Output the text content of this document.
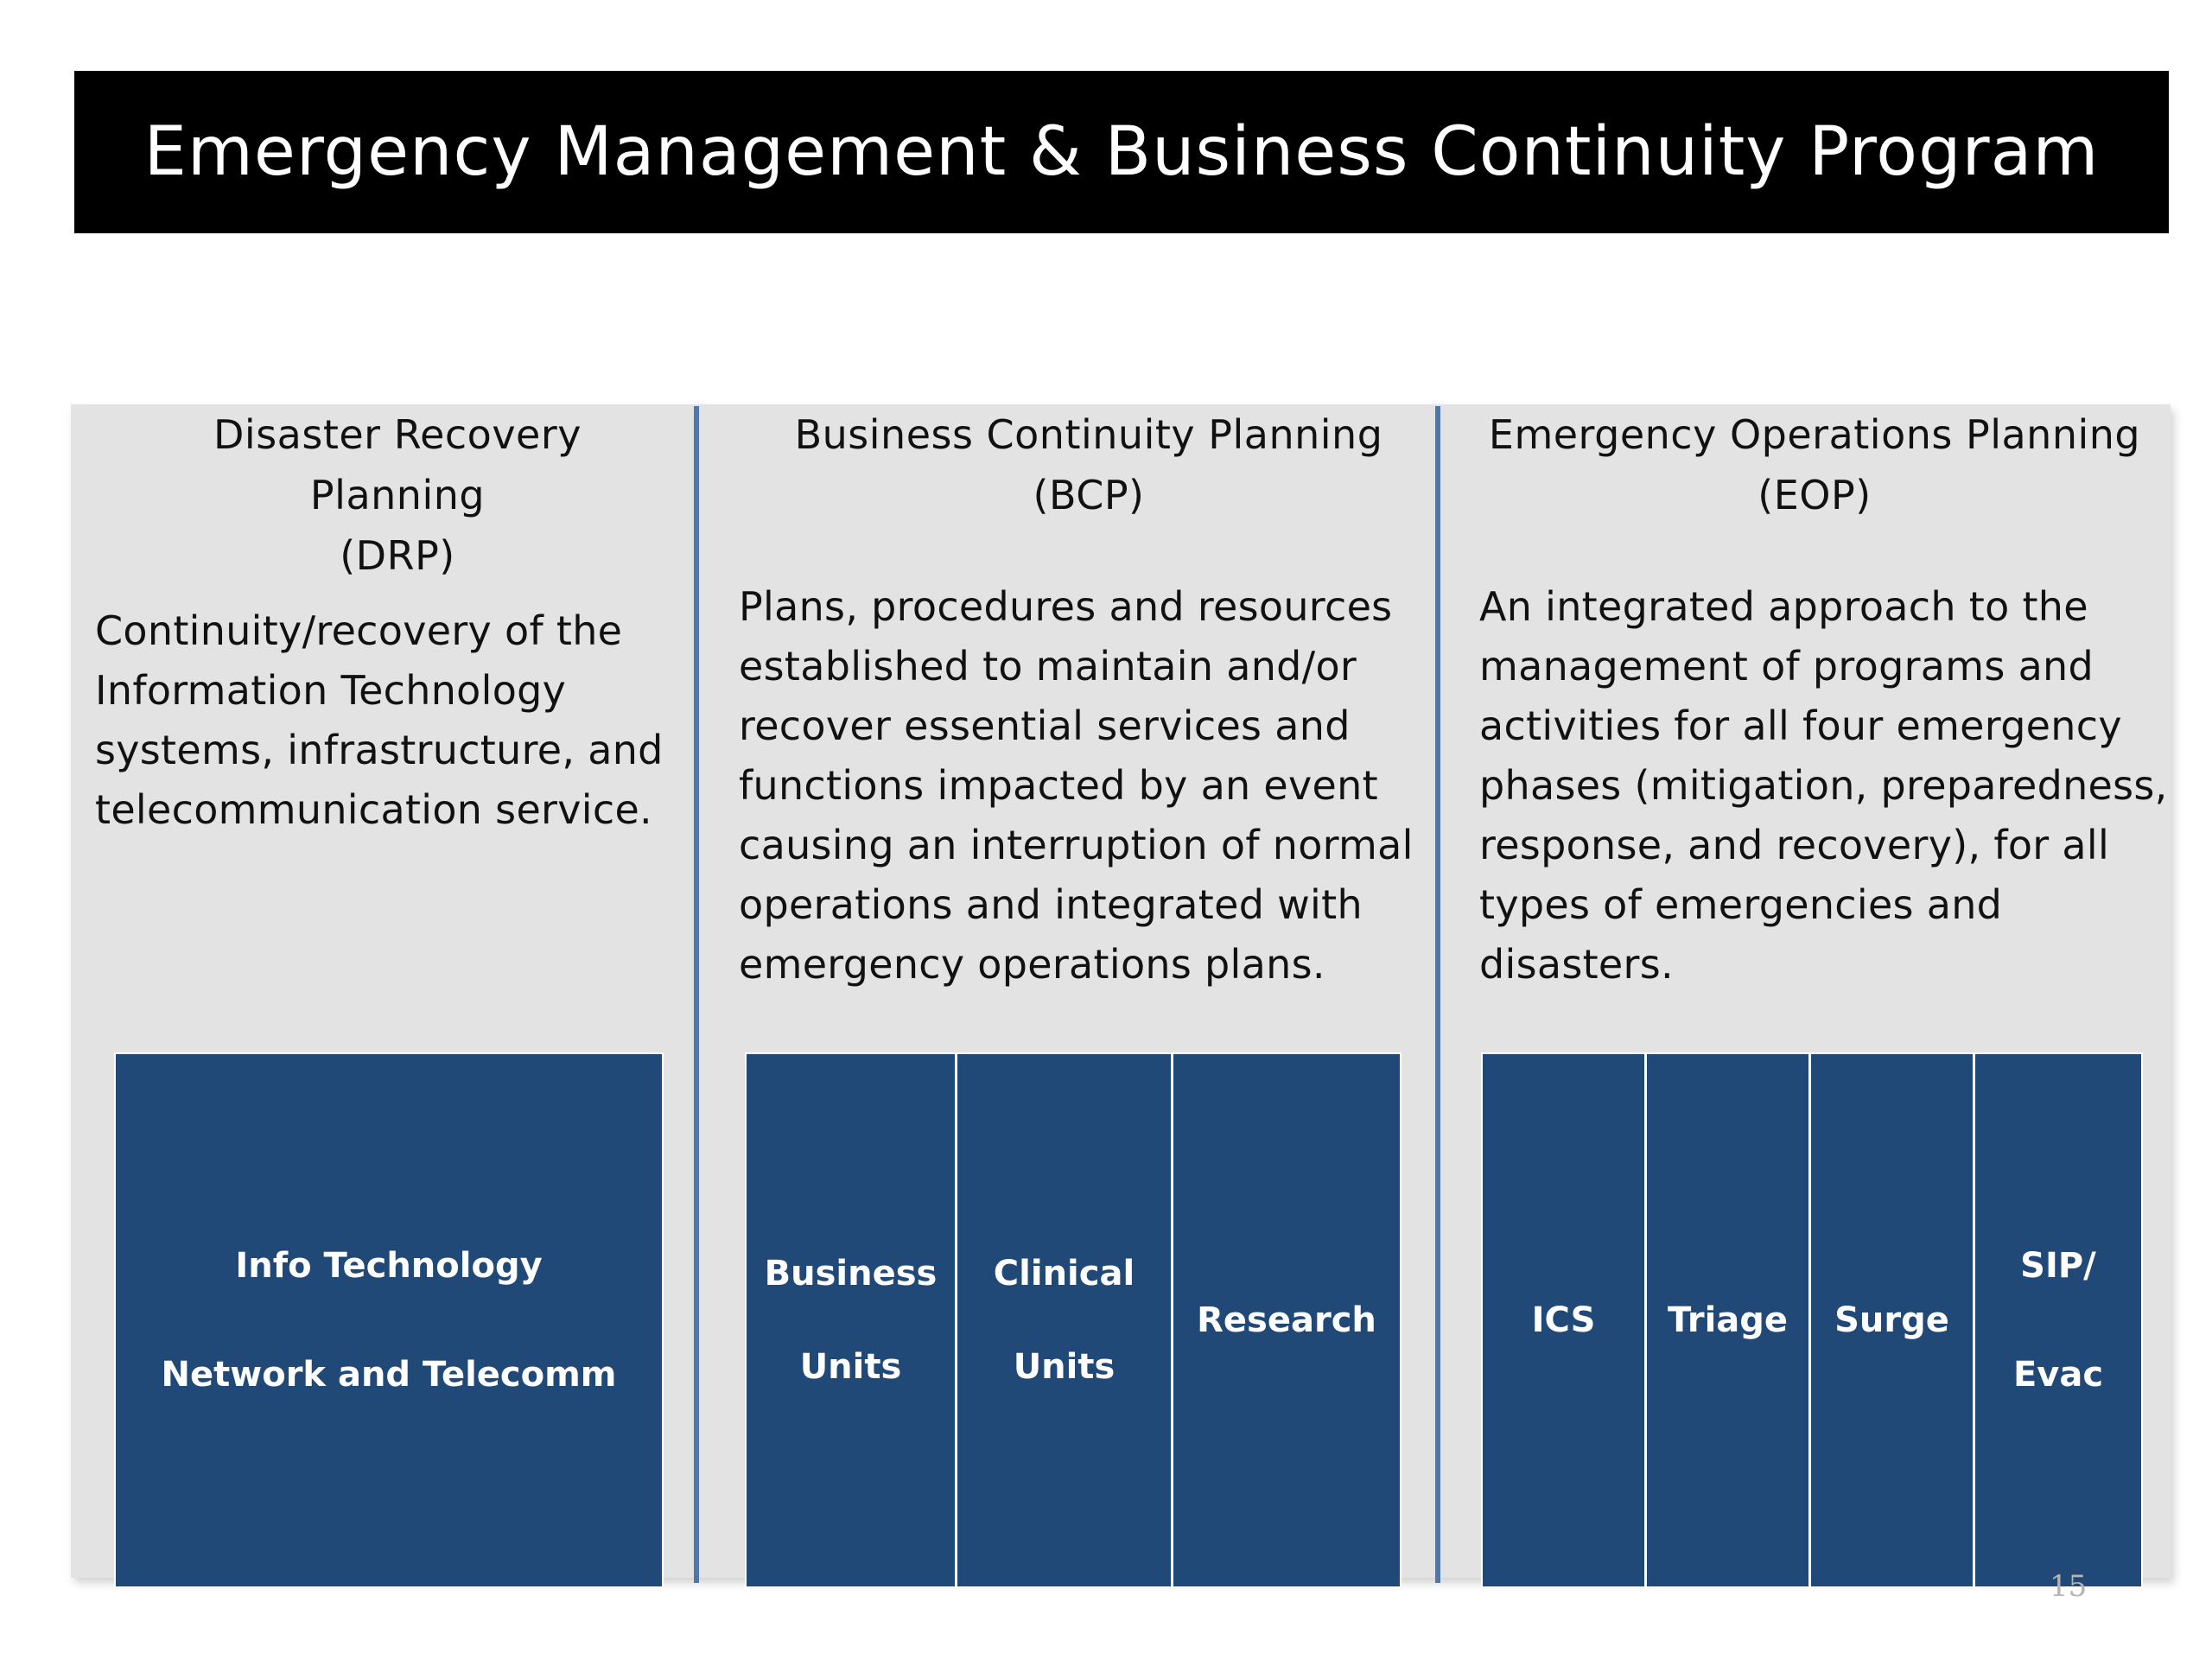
Emergency Management & Business Continuity Program
Disaster Recovery Planning
(DRP)
Continuity/recovery of the
Information Technology
systems, infrastructure, and
telecommunication service.

Info Technology

Network and Telecomm

Business Continuity Planning
(BCP)
Plans, procedures and resources
established to maintain and/or
recover essential services and
functions impacted by an event
causing an interruption of normal
operations and integrated with
emergency operations plans.

Business

Units

Clinical

Units

Research

Emergency Operations Planning
(EOP)
An integrated approach to the
management of programs and
activities for all four emergency
phases (mitigation, preparedness,
response, and recovery), for all
types of emergencies and
disasters.

ICS Triage Surge

SIP/

Evac

15
